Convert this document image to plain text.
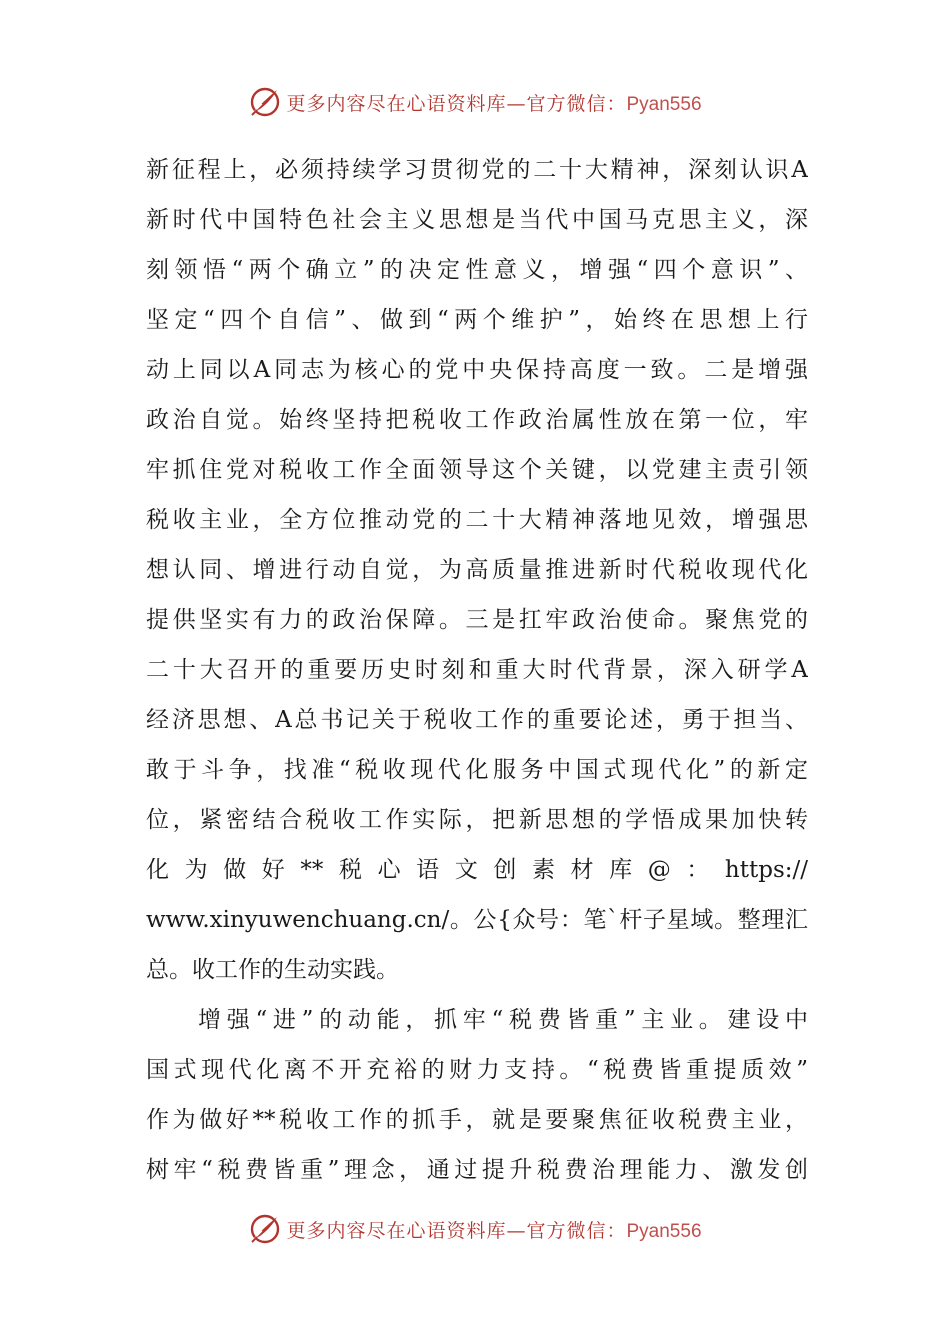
更多内容尽在心语资料库—官方微信：Pyan556
新征程上，必须持续学习贯彻党的二十大精神，深刻认识A
新时代中国特色社会主义思想是当代中国马克思主义，深
刻领悟“两个确立”的决定性意义，增强“四个意识”、
坚定“四个自信”、做到“两个维护”，始终在思想上行
动上同以A同志为核心的党中央保持高度一致。二是增强
政治自觉。始终坚持把税收工作政治属性放在第一位，牢
牢抓住党对税收工作全面领导这个关键，以党建主责引领
税收主业，全方位推动党的二十大精神落地见效，增强思
想认同、增进行动自觉，为高质量推进新时代税收现代化
提供坚实有力的政治保障。三是扛牢政治使命。聚焦党的
二十大召开的重要历史时刻和重大时代背景，深入研学A
经济思想、A总书记关于税收工作的重要论述，勇于担当、
敢于斗争，找准“税收现代化服务中国式现代化”的新定
位，紧密结合税收工作实际，把新思想的学悟成果加快转
化为做好**税心语文创素材库@：https://
www.xinyuwenchuang.cn/。公{众号：笔`杆子星域。整理汇
总。收工作的生动实践。
增强“进”的动能，抓牢“税费皆重”主业。建设中
国式现代化离不开充裕的财力支持。“税费皆重提质效”
作为做好**税收工作的抓手，就是要聚焦征收税费主业，
树牢“税费皆重”理念，通过提升税费治理能力、激发创
更多内容尽在心语资料库—官方微信：Pyan556
